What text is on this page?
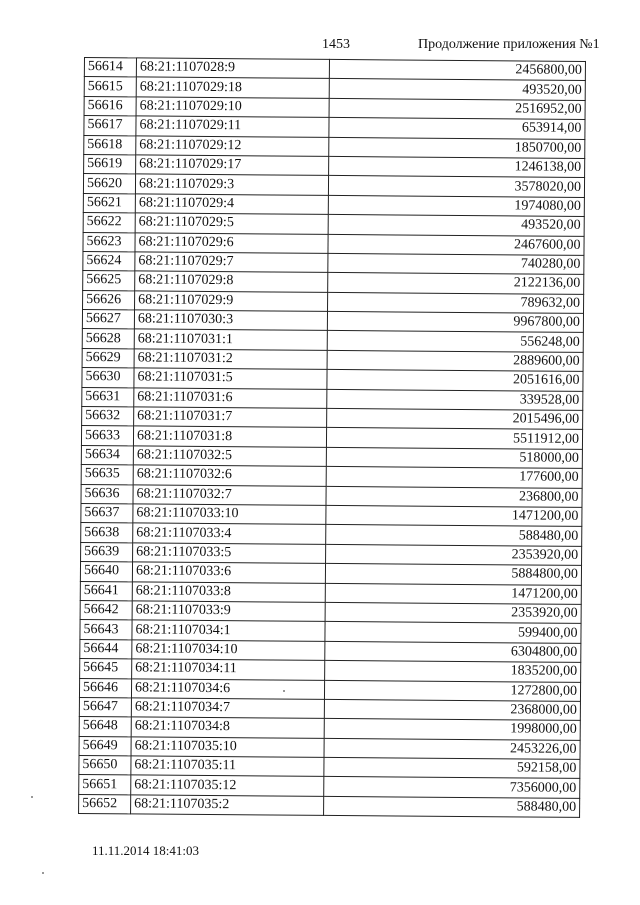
1453	Продолжение приложения №1
56614	68:21:1107028:9	2456800,00
56615	68:21:1107029:18	493520,00
56616	68:21:1107029:10	2516952,00
56617	68:21:1107029:11	653914,00
56618	68:21:1107029:12	1850700,00
56619	68:21:1107029:17	1246138,00
56620	68:21:1107029:3	3578020,00
56621	68:21:1107029:4	1974080,00
56622	68:21:1107029:5	493520,00
56623	68:21:1107029:6	2467600,00
56624	68:21:1107029:7	740280,00
56625	68:21:1107029:8	2122136,00
56626	68:21:1107029:9	789632,00
56627	68:21:1107030:3	9967800,00
56628	68:21:1107031:1	556248,00
56629	68:21:1107031:2	2889600,00
56630	68:21:1107031:5	2051616,00
56631	68:21:1107031:6	339528,00
56632	68:21:1107031:7	2015496,00
56633	68:21:1107031:8	5511912,00
56634	68:21:1107032:5	518000,00
56635	68:21:1107032:6	177600,00
56636	68:21:1107032:7	236800,00
56637	68:21:1107033:10	1471200,00
56638	68:21:1107033:4	588480,00
56639	68:21:1107033:5	2353920,00
56640	68:21:1107033:6	5884800,00
56641	68:21:1107033:8	1471200,00
56642	68:21:1107033:9	2353920,00
56643	68:21:1107034:1	599400,00
56644	68:21:1107034:10	6304800,00
56645	68:21:1107034:11	1835200,00
56646	68:21:1107034:6	1272800,00
56647	68:21:1107034:7	2368000,00
56648	68:21:1107034:8	1998000,00
56649	68:21:1107035:10	2453226,00
56650	68:21:1107035:11	592158,00
56651	68:21:1107035:12	7356000,00
56652	68:21:1107035:2	588480,00
11.11.2014 18:41:03
